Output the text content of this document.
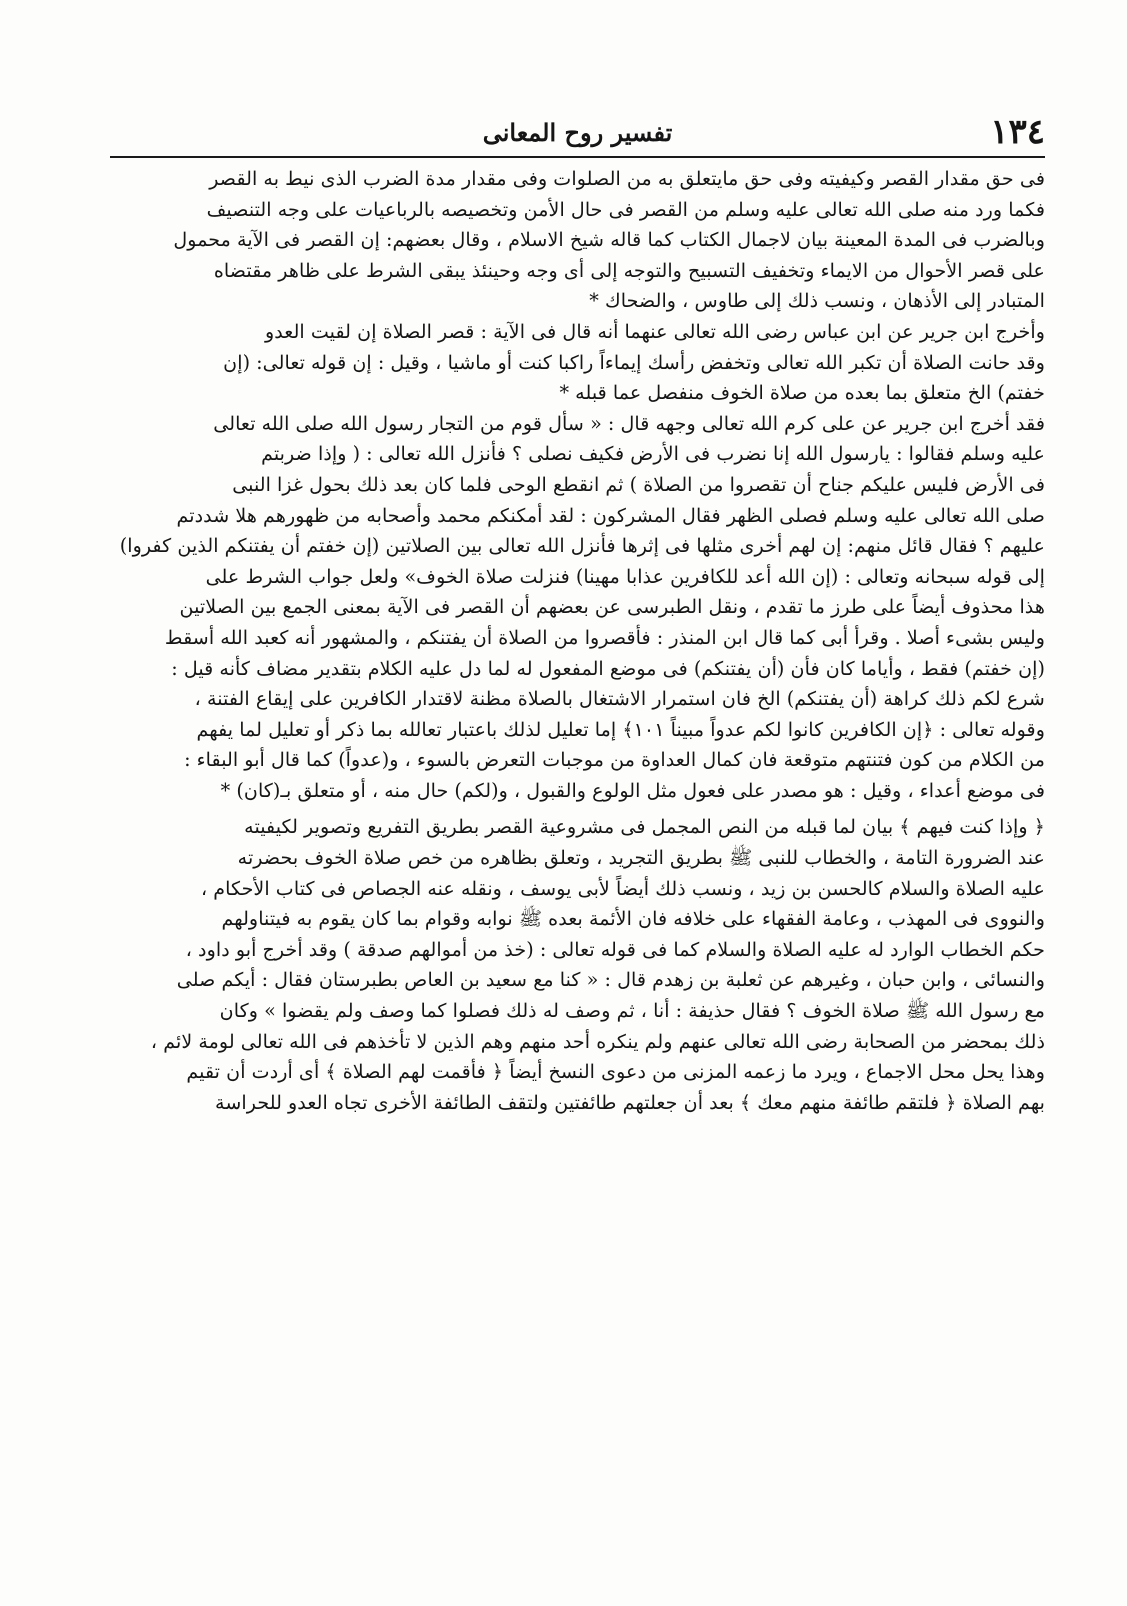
١٣٤
تفسير روح المعانى
فى حق مقدار القصر وكيفيته وفى حق مايتعلق به من الصلوات وفى مقدار مدة الضرب الذى نيط به القصر
فكما ورد منه صلى الله تعالى عليه وسلم من القصر فى حال الأمن وتخصيصه بالرباعيات على وجه التنصيف
وبالضرب فى المدة المعينة بيان لاجمال الكتاب كما قاله شيخ الاسلام ، وقال بعضهم: إن القصر فى الآية محمول
على قصر الأحوال من الايماء وتخفيف التسبيح والتوجه إلى أى وجه وحينئذ يبقى الشرط على ظاهر مقتضاه
المتبادر إلى الأذهان ، ونسب ذلك إلى طاوس ، والضحاك *
وأخرج ابن جرير عن ابن عباس رضى الله تعالى عنهما أنه قال فى الآية : قصر الصلاة إن لقيت العدو
وقد حانت الصلاة أن تكبر الله تعالى وتخفض رأسك إيماءاً راكبا كنت أو ماشيا ، وقيل : إن قوله تعالى: (إن
خفتم) الخ متعلق بما بعده من صلاة الخوف منفصل عما قبله *
فقد أخرج ابن جرير عن على كرم الله تعالى وجهه قال : « سأل قوم من التجار رسول الله صلى الله تعالى
عليه وسلم فقالوا : يارسول الله إنا نضرب فى الأرض فكيف نصلى ؟ فأنزل الله تعالى : ( وإذا ضربتم
فى الأرض فليس عليكم جناح أن تقصروا من الصلاة ) ثم انقطع الوحى فلما كان بعد ذلك بحول غزا النبى
صلى الله تعالى عليه وسلم فصلى الظهر فقال المشركون : لقد أمكنكم محمد وأصحابه من ظهورهم هلا شددتم
عليهم ؟ فقال قائل منهم: إن لهم أخرى مثلها فى إثرها فأنزل الله تعالى بين الصلاتين (إن خفتم أن يفتنكم الذين كفروا)
إلى قوله سبحانه وتعالى : (إن الله أعد للكافرين عذابا مهينا) فنزلت صلاة الخوف» ولعل جواب الشرط على
هذا محذوف أيضاً على طرز ما تقدم ، ونقل الطبرسى عن بعضهم أن القصر فى الآية بمعنى الجمع بين الصلاتين
وليس بشىء أصلا . وقرأ أبى كما قال ابن المنذر : فأقصروا من الصلاة أن يفتنكم ، والمشهور أنه كعبد الله أسقط
(إن خفتم) فقط ، وأياما كان فأن (أن يفتنكم) فى موضع المفعول له لما دل عليه الكلام بتقدير مضاف كأنه قيل :
شرع لكم ذلك كراهة (أن يفتنكم) الخ فان استمرار الاشتغال بالصلاة مظنة لاقتدار الكافرين على إيقاع الفتنة ،
وقوله تعالى : ﴿إن الكافرين كانوا لكم عدواً مبيناً ١٠١﴾ إما تعليل لذلك باعتبار تعالله بما ذكر أو تعليل لما يفهم
من الكلام من كون فتنتهم متوقعة فان كمال العداوة من موجبات التعرض بالسوء ، و(عدواً) كما قال أبو البقاء :
فى موضع أعداء ، وقيل : هو مصدر على فعول مثل الولوع والقبول ، و(لكم) حال منه ، أو متعلق بـ(كان) *
﴿ وإذا كنت فيهم ﴾ بيان لما قبله من النص المجمل فى مشروعية القصر بطريق التفريع وتصوير لكيفيته
عند الضرورة التامة ، والخطاب للنبى ﷺ بطريق التجريد ، وتعلق بظاهره من خص صلاة الخوف بحضرته
عليه الصلاة والسلام كالحسن بن زيد ، ونسب ذلك أيضاً لأبى يوسف ، ونقله عنه الجصاص فى كتاب الأحكام ،
والنووى فى المهذب ، وعامة الفقهاء على خلافه فان الأئمة بعده ﷺ نوابه وقوام بما كان يقوم به فيتناولهم
حكم الخطاب الوارد له عليه الصلاة والسلام كما فى قوله تعالى : (خذ من أموالهم صدقة ) وقد أخرج أبو داود ،
والنسائى ، وابن حبان ، وغيرهم عن ثعلبة بن زهدم قال : « كنا مع سعيد بن العاص بطبرستان فقال : أيكم صلى
مع رسول الله ﷺ صلاة الخوف ؟ فقال حذيفة : أنا ، ثم وصف له ذلك فصلوا كما وصف ولم يقضوا » وكان
ذلك بمحضر من الصحابة رضى الله تعالى عنهم ولم ينكره أحد منهم وهم الذين لا تأخذهم فى الله تعالى لومة لائم ،
وهذا يحل محل الاجماع ، ويرد ما زعمه المزنى من دعوى النسخ أيضاً ﴿ فأقمت لهم الصلاة ﴾ أى أردت أن تقيم
بهم الصلاة ﴿ فلتقم طائفة منهم معك ﴾ بعد أن جعلتهم طائفتين ولتقف الطائفة الأخرى تجاه العدو للحراسة
